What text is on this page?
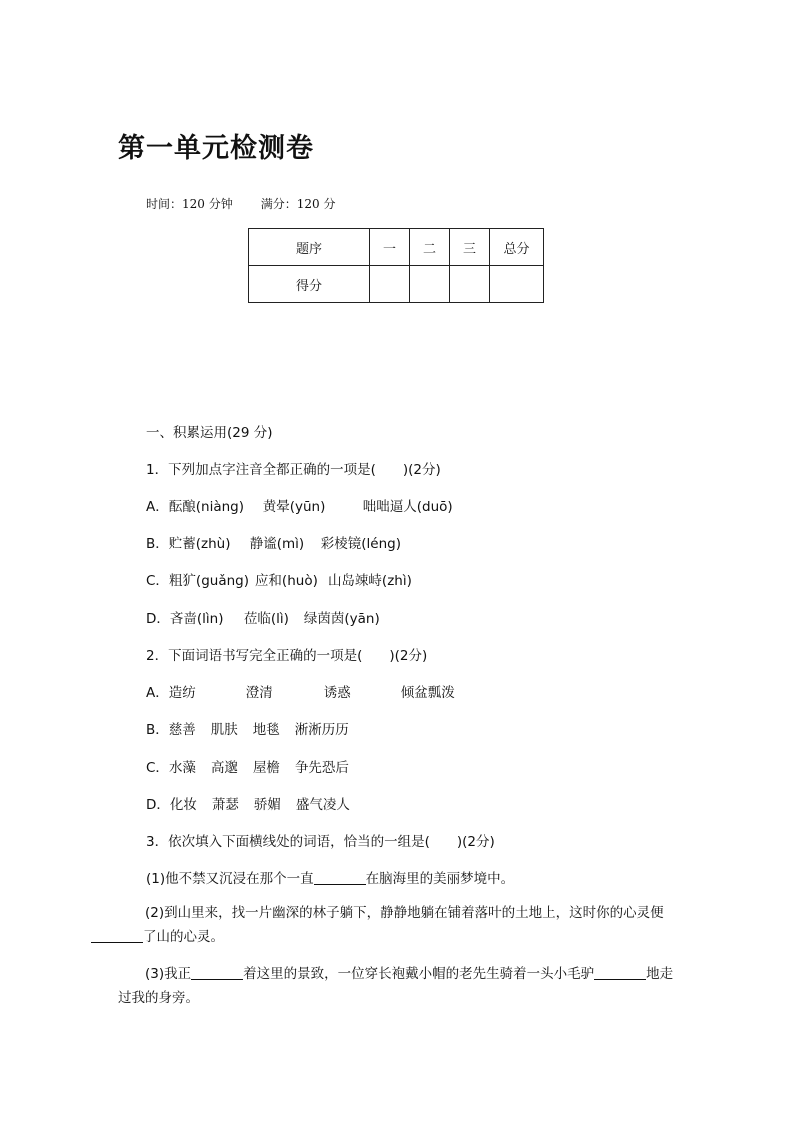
第一单元检测卷
时间：120 分钟 满分：120 分
题序	一	二	三	总分
得分				
一、积累运用(29 分)
1．下列加点字注音全都正确的一项是(　　)(2分)
A．酝酿(niàng) 黄晕(yūn)	咄咄逼人(duō)
B．贮蓄(zhù) 静谧(mì) 彩棱镜(léng)
C．粗犷(guǎng) 应和(huò) 山岛竦峙(zhì)
D．吝啬(lìn) 莅临(lì) 绿茵茵(yān)
2．下面词语书写完全正确的一项是(　　)(2分)
A．造纺	澄清	诱惑	倾盆瓢泼
B．慈善 肌肤 地毯 淅淅历历
C．水藻 高邈 屋檐 争先恐后
D．化妆 萧瑟 骄媚 盛气凌人
3．依次填入下面横线处的词语，恰当的一组是(　　)(2分)
(1)他不禁又沉浸在那个一直	在脑海里的美丽梦境中。
(2)到山里来，找一片幽深的林子躺下，静静地躺在铺着落叶的土地上，这时你的心灵便
了山的心灵。
(3)我正	着这里的景致，一位穿长袍戴小帽的老先生骑着一头小毛驴	地走过我的身旁。
